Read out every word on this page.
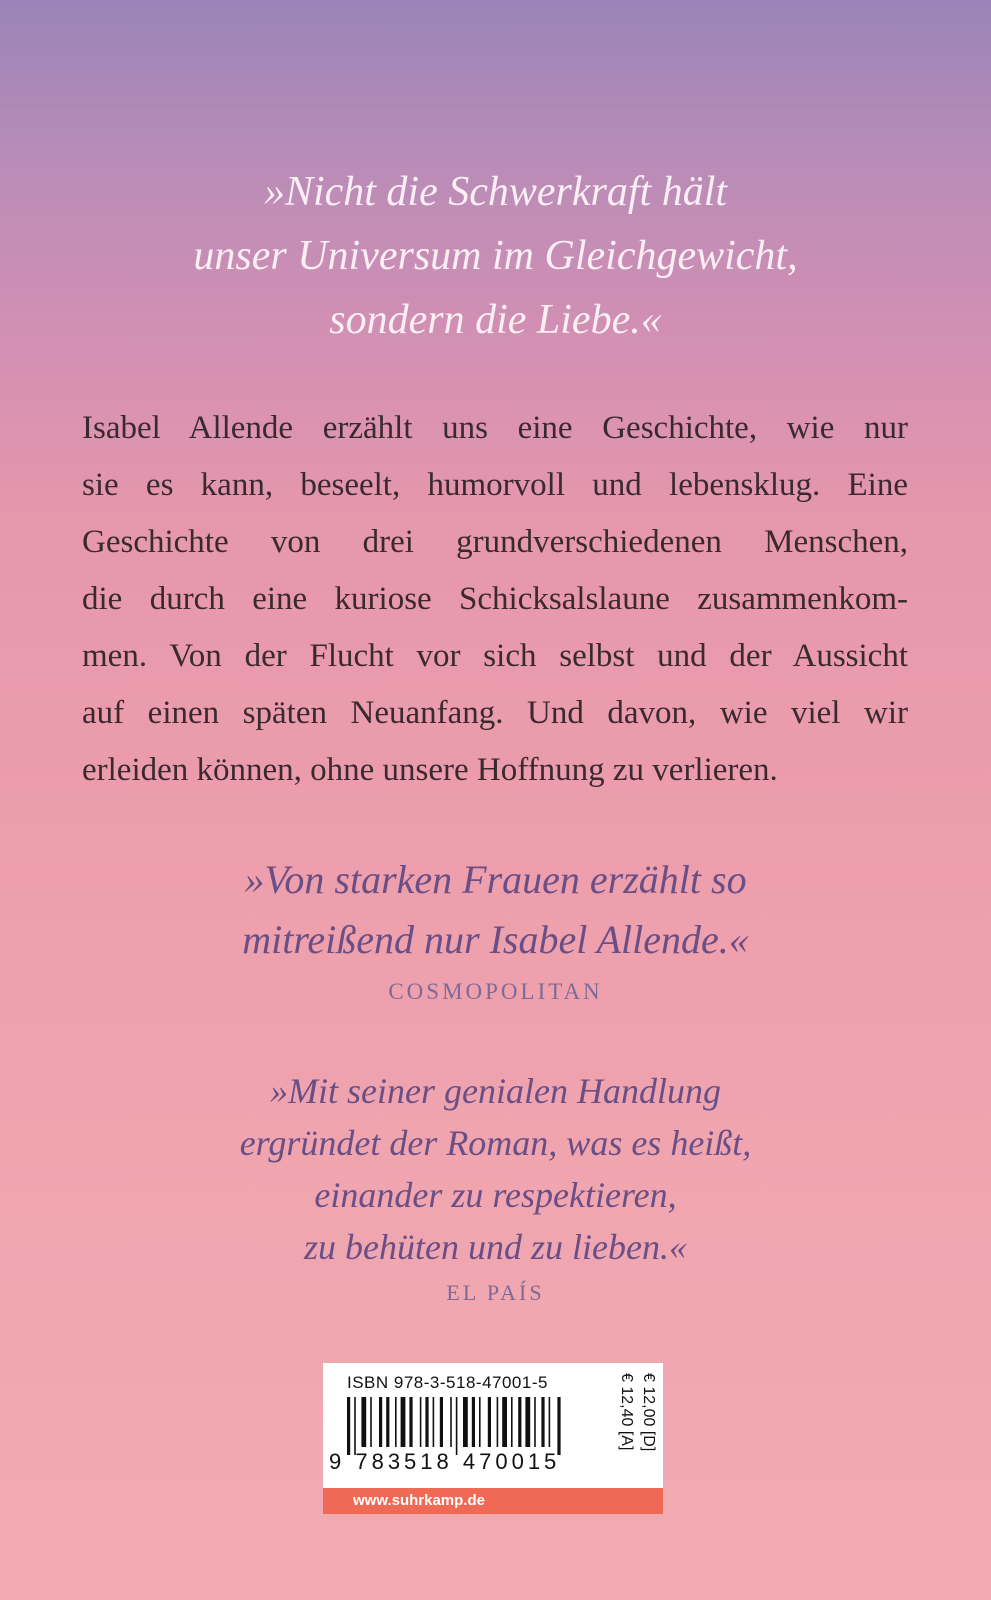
»Nicht die Schwerkraft hält
unser Universum im Gleichgewicht,
sondern die Liebe.«
Isabel Allende erzählt uns eine Geschichte, wie nur
sie es kann, beseelt, humorvoll und lebensklug. Eine
Geschichte von drei grundverschiedenen Menschen,
die durch eine kuriose Schicksalslaune zusammenkom-
men. Von der Flucht vor sich selbst und der Aussicht
auf einen späten Neuanfang. Und davon, wie viel wir
erleiden können, ohne unsere Hoffnung zu verlieren.
»Von starken Frauen erzählt so
mitreißend nur Isabel Allende.«
COSMOPOLITAN
»Mit seiner genialen Handlung
ergründet der Roman, was es heißt,
einander zu respektieren,
zu behüten und zu lieben.«
EL PAÍS
ISBN 978-3-518-47001-5
9 783518 470015
€ 12,00 [D]
€ 12,40 [A]
www.suhrkamp.de
